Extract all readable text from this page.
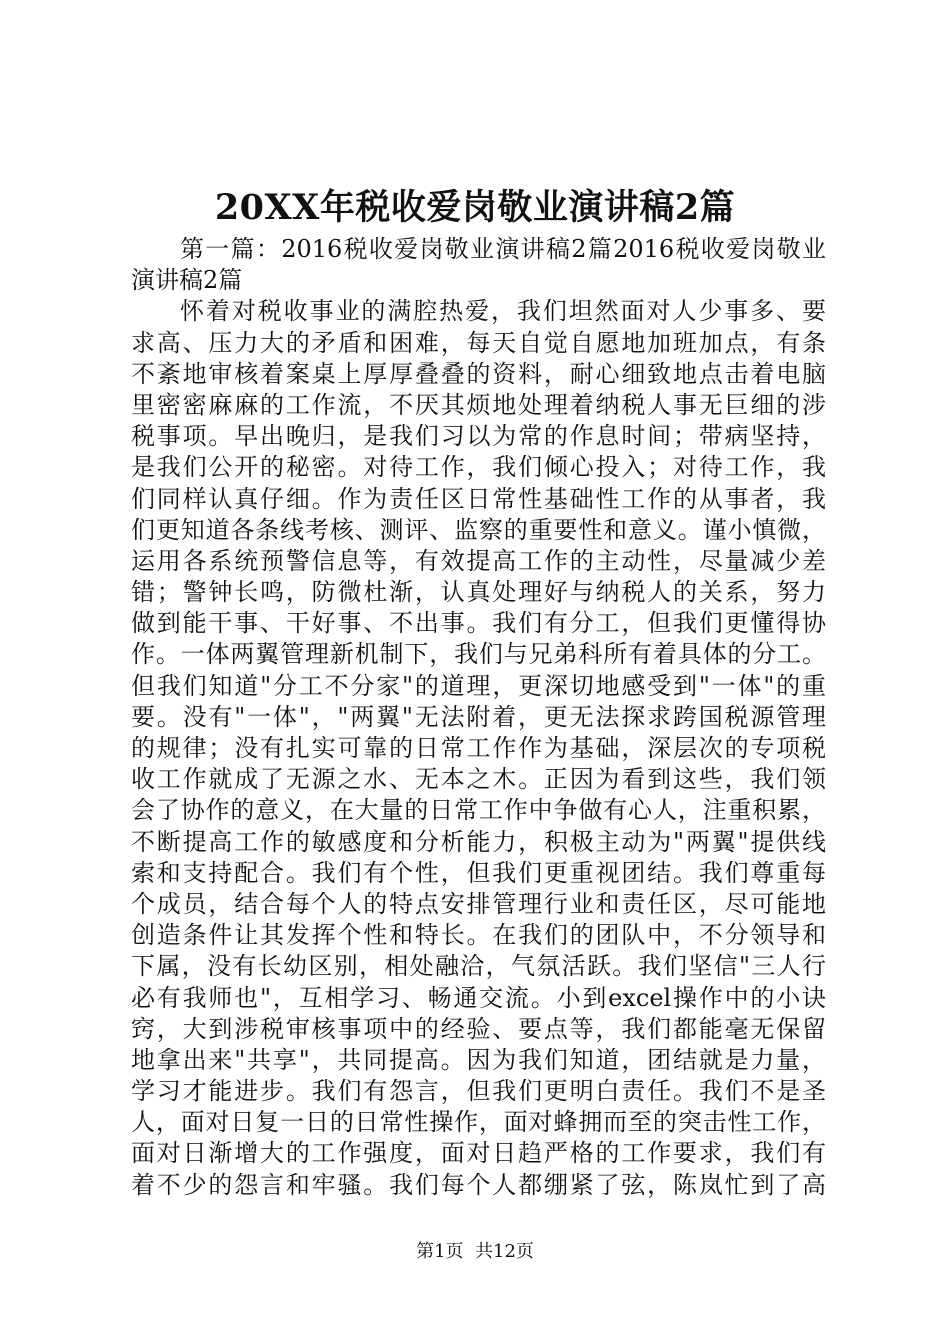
20XX年税收爱岗敬业演讲稿2篇
第一篇：2016税收爱岗敬业演讲稿2篇2016税收爱岗敬业
演讲稿2篇
怀着对税收事业的满腔热爱，我们坦然面对人少事多、要
求高、压力大的矛盾和困难，每天自觉自愿地加班加点，有条
不紊地审核着案桌上厚厚叠叠的资料，耐心细致地点击着电脑
里密密麻麻的工作流，不厌其烦地处理着纳税人事无巨细的涉
税事项。早出晚归，是我们习以为常的作息时间；带病坚持，
是我们公开的秘密。对待工作，我们倾心投入；对待工作，我
们同样认真仔细。作为责任区日常性基础性工作的从事者，我
们更知道各条线考核、测评、监察的重要性和意义。谨小慎微，
运用各系统预警信息等，有效提高工作的主动性，尽量减少差
错；警钟长鸣，防微杜渐，认真处理好与纳税人的关系，努力
做到能干事、干好事、不出事。我们有分工，但我们更懂得协
作。一体两翼管理新机制下，我们与兄弟科所有着具体的分工。
但我们知道"分工不分家"的道理，更深切地感受到"一体"的重
要。没有"一体"，"两翼"无法附着，更无法探求跨国税源管理
的规律；没有扎实可靠的日常工作作为基础，深层次的专项税
收工作就成了无源之水、无本之木。正因为看到这些，我们领
会了协作的意义，在大量的日常工作中争做有心人，注重积累，
不断提高工作的敏感度和分析能力，积极主动为"两翼"提供线
索和支持配合。我们有个性，但我们更重视团结。我们尊重每
个成员，结合每个人的特点安排管理行业和责任区，尽可能地
创造条件让其发挥个性和特长。在我们的团队中，不分领导和
下属，没有长幼区别，相处融洽，气氛活跃。我们坚信"三人行
必有我师也"，互相学习、畅通交流。小到excel操作中的小诀
窍，大到涉税审核事项中的经验、要点等，我们都能毫无保留
地拿出来"共享"，共同提高。因为我们知道，团结就是力量，
学习才能进步。我们有怨言，但我们更明白责任。我们不是圣
人，面对日复一日的日常性操作，面对蜂拥而至的突击性工作，
面对日渐增大的工作强度，面对日趋严格的工作要求，我们有
着不少的怨言和牢骚。我们每个人都绷紧了弦，陈岚忙到了高
第1页  共12页
